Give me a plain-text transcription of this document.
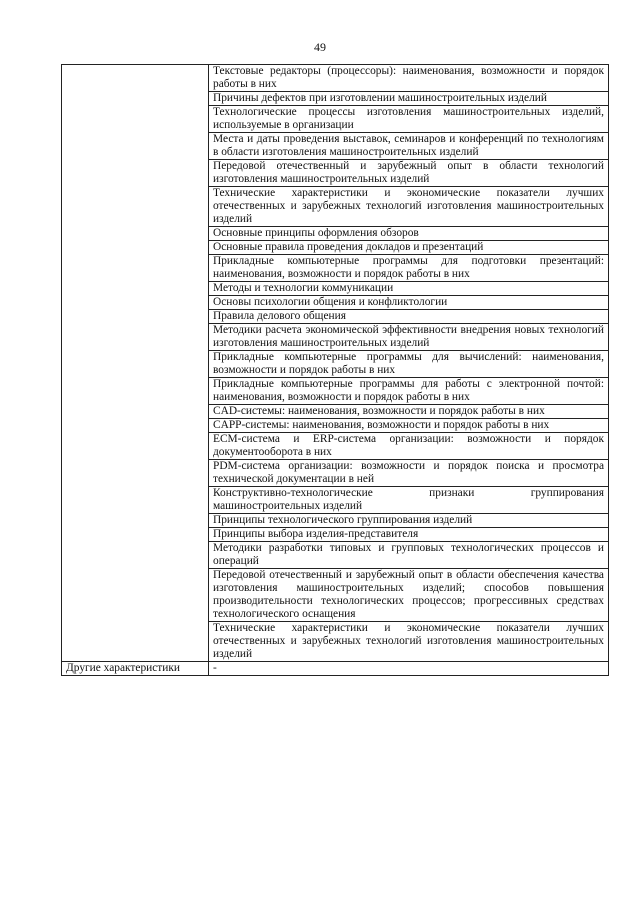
49
	Текстовые редакторы (процессоры): наименования, возможности и порядок работы в них
	Причины дефектов при изготовлении машиностроительных изделий
	Технологические процессы изготовления машиностроительных изделий, используемые в организации
	Места и даты проведения выставок, семинаров и конференций по технологиям в области изготовления машиностроительных изделий
	Передовой отечественный и зарубежный опыт в области технологий изготовления машиностроительных изделий
	Технические характеристики и экономические показатели лучших отечественных и зарубежных технологий изготовления машиностроительных изделий
	Основные принципы оформления обзоров
	Основные правила проведения докладов и презентаций
	Прикладные компьютерные программы для подготовки презентаций: наименования, возможности и порядок работы в них
	Методы и технологии коммуникации
	Основы психологии общения и конфликтологии
	Правила делового общения
	Методики расчета экономической эффективности внедрения новых технологий изготовления машиностроительных изделий
	Прикладные компьютерные программы для вычислений: наименования, возможности и порядок работы в них
	Прикладные компьютерные программы для работы с электронной почтой: наименования, возможности и порядок работы в них
	CAD-системы: наименования, возможности и порядок работы в них
	CAPP-системы: наименования, возможности и порядок работы в них
	ECM-система и ERP-система организации: возможности и порядок документооборота в них
	PDM-система организации: возможности и порядок поиска и просмотра технической документации в ней
	Конструктивно-технологические признаки группирования машиностроительных изделий
	Принципы технологического группирования изделий
	Принципы выбора изделия-представителя
	Методики разработки типовых и групповых технологических процессов и операций
	Передовой отечественный и зарубежный опыт в области обеспечения качества изготовления машиностроительных изделий; способов повышения производительности технологических процессов; прогрессивных средствах технологического оснащения
	Технические характеристики и экономические показатели лучших отечественных и зарубежных технологий изготовления машиностроительных изделий
Другие характеристики	-
